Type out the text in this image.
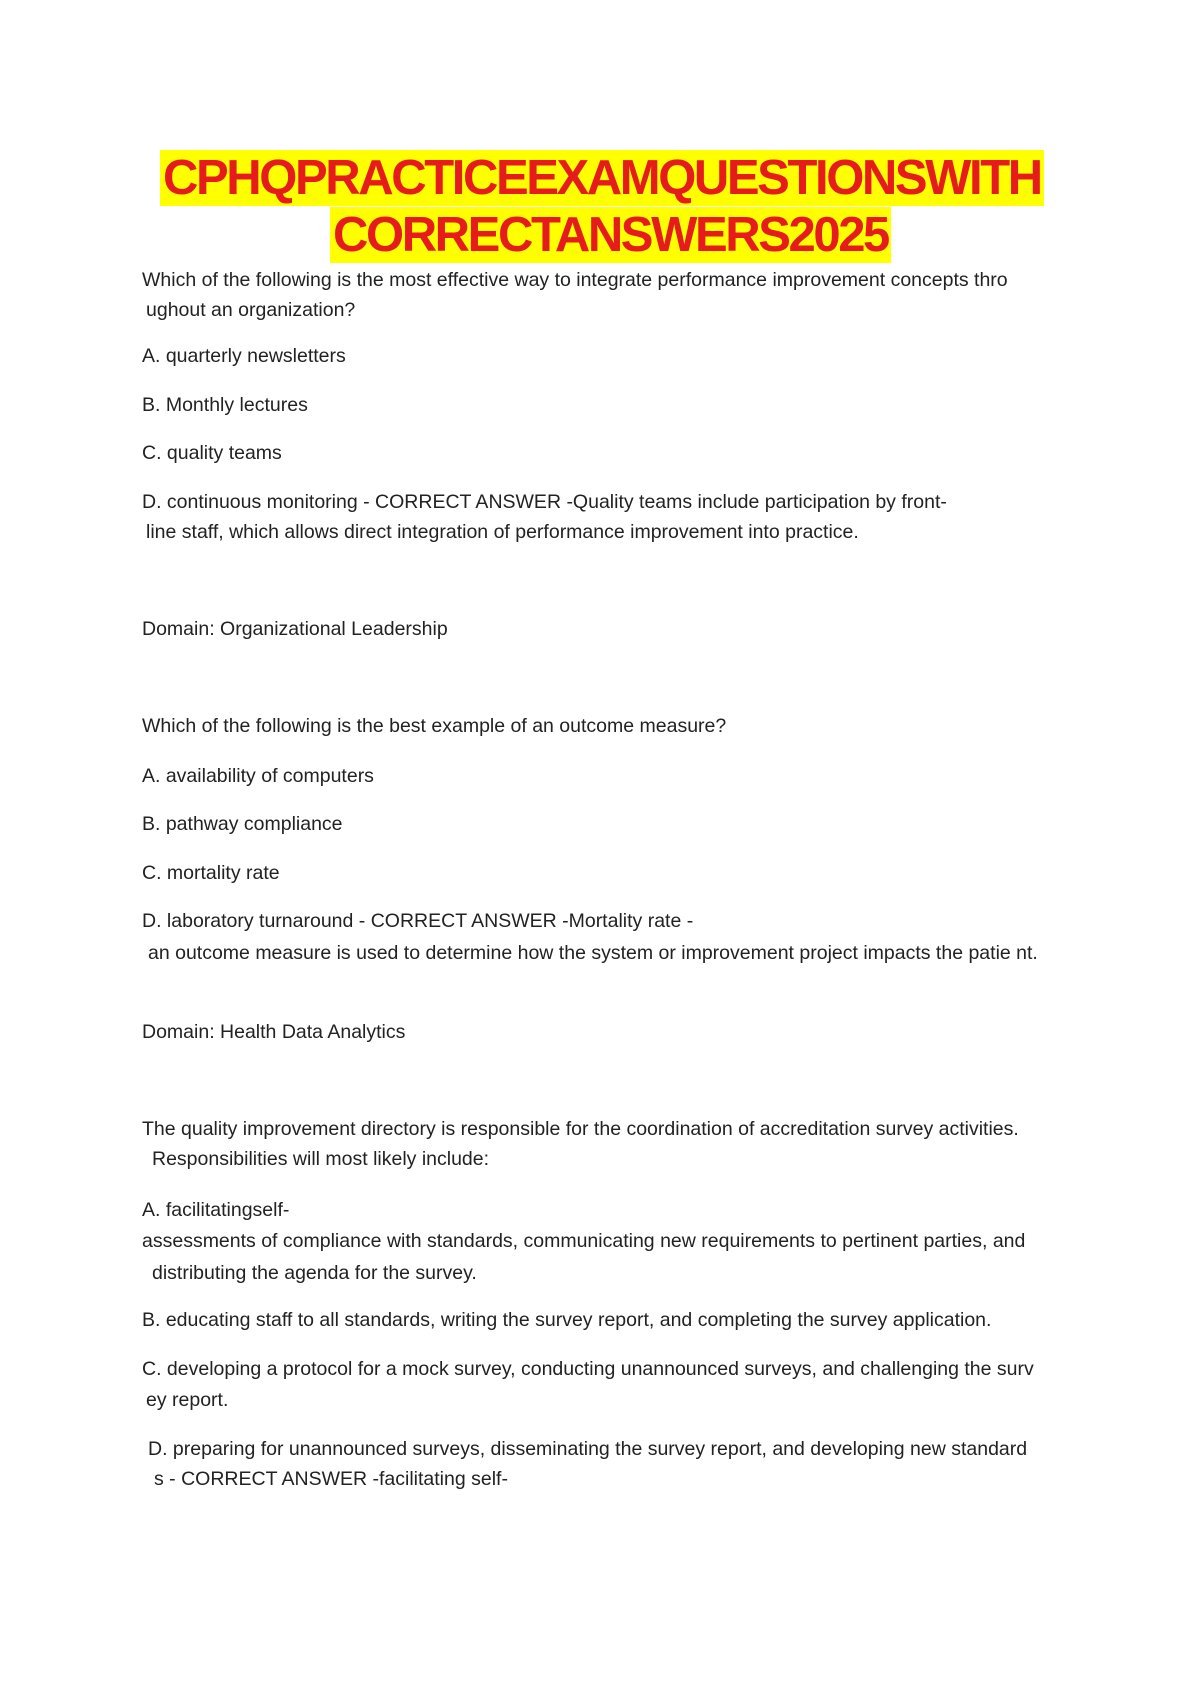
CPHQPRACTICEEXAMQUESTIONSWITH
CORRECTANSWERS2025
Which of the following is the most effective way to integrate performance improvement concepts thro
ughout an organization?
A. quarterly newsletters
B. Monthly lectures
C. quality teams
D. continuous monitoring - CORRECT ANSWER -Quality teams include participation by front-
line staff, which allows direct integration of performance improvement into practice.
Domain: Organizational Leadership
Which of the following is the best example of an outcome measure?
A. availability of computers
B. pathway compliance
C. mortality rate
D. laboratory turnaround - CORRECT ANSWER -Mortality rate -
an outcome measure is used to determine how the system or improvement project impacts the patie nt.
Domain: Health Data Analytics
The quality improvement directory is responsible for the coordination of accreditation survey activities.
Responsibilities will most likely include:
A. facilitatingself-
assessments of compliance with standards, communicating new requirements to pertinent parties, and
distributing the agenda for the survey.
B. educating staff to all standards, writing the survey report, and completing the survey application.
C. developing a protocol for a mock survey, conducting unannounced surveys, and challenging the surv
ey report.
D. preparing for unannounced surveys, disseminating the survey report, and developing new standard
s - CORRECT ANSWER -facilitating self-
